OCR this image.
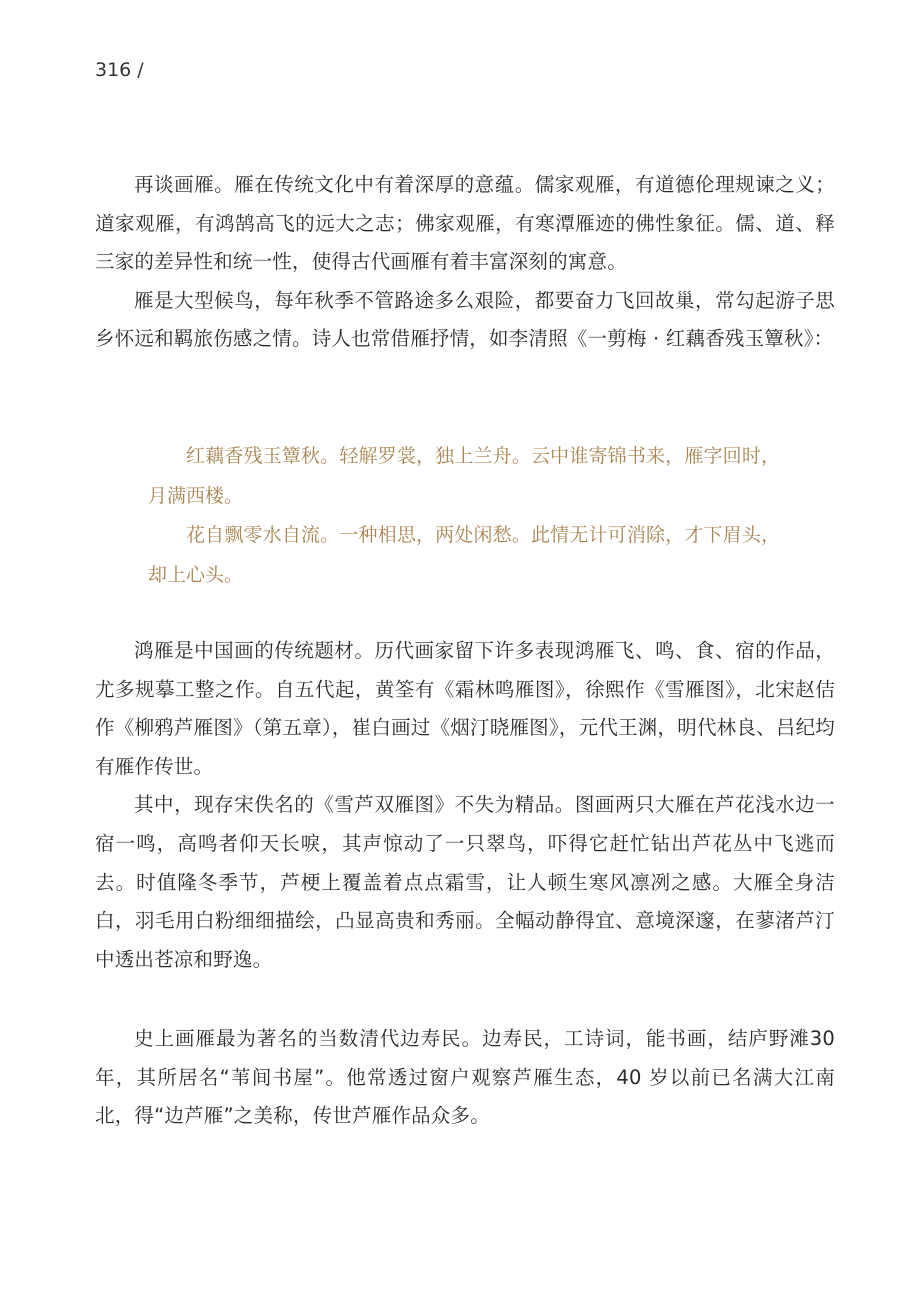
316 /

再谈画雁。雁在传统文化中有着深厚的意蕴。儒家观雁，有道德伦理规谏之义；道家观雁，有鸿鹄高飞的远大之志；佛家观雁，有寒潭雁迹的佛性象征。儒、道、释三家的差异性和统一性，使得古代画雁有着丰富深刻的寓意。

雁是大型候鸟，每年秋季不管路途多么艰险，都要奋力飞回故巢，常勾起游子思乡怀远和羁旅伤感之情。诗人也常借雁抒情，如李清照《一剪梅 · 红藕香残玉簟秋》：

红藕香残玉簟秋。轻解罗裳，独上兰舟。云中谁寄锦书来，雁字回时，月满西楼。

花自飘零水自流。一种相思，两处闲愁。此情无计可消除，才下眉头，却上心头。

鸿雁是中国画的传统题材。历代画家留下许多表现鸿雁飞、鸣、食、宿的作品，尤多规摹工整之作。自五代起，黄筌有《霜林鸣雁图》，徐熙作《雪雁图》，北宋赵佶作《柳鸦芦雁图》（第五章），崔白画过《烟汀晓雁图》，元代王渊，明代林良、吕纪均有雁作传世。

其中，现存宋佚名的《雪芦双雁图》不失为精品。图画两只大雁在芦花浅水边一宿一鸣，高鸣者仰天长唳，其声惊动了一只翠鸟，吓得它赶忙钻出芦花丛中飞逃而去。时值隆冬季节，芦梗上覆盖着点点霜雪，让人顿生寒风凛冽之感。大雁全身洁白，羽毛用白粉细细描绘，凸显高贵和秀丽。全幅动静得宜、意境深邃，在蓼渚芦汀中透出苍凉和野逸。

史上画雁最为著名的当数清代边寿民。边寿民，工诗词，能书画，结庐野滩30 年，其所居名“苇间书屋”。他常透过窗户观察芦雁生态，40 岁以前已名满大江南北，得“边芦雁”之美称，传世芦雁作品众多。
